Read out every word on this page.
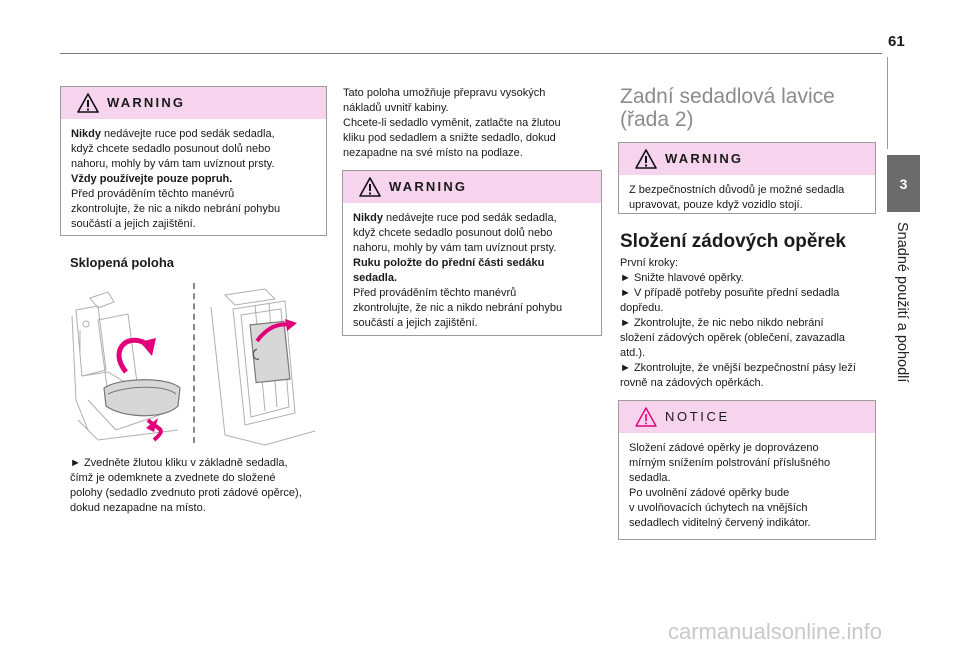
61
3
Snadné použití a pohodlí
WARNING

Nikdy nedávejte ruce pod sedák sedadla,

když chcete sedadlo posunout dolů nebo

nahoru, mohly by vám tam uvíznout prsty.

Vždy používejte pouze popruh.

Před prováděním těchto manévrů

zkontrolujte, že nic a nikdo nebrání pohybu

součástí a jejich zajištění.

Sklopená poloha

► Zvedněte žlutou kliku v základně sedadla,

čímž je odemknete a zvednete do složené

polohy (sedadlo zvednuto proti zádové opěrce),

dokud nezapadne na místo.

Tato poloha umožňuje přepravu vysokých

nákladů uvnitř kabiny.

Chcete-li sedadlo vyměnit, zatlačte na žlutou

kliku pod sedadlem a snižte sedadlo, dokud

nezapadne na své místo na podlaze.

WARNING

Nikdy nedávejte ruce pod sedák sedadla,

když chcete sedadlo posunout dolů nebo

nahoru, mohly by vám tam uvíznout prsty.

Ruku položte do přední části sedáku

sedadla.

Před prováděním těchto manévrů

zkontrolujte, že nic a nikdo nebrání pohybu

součástí a jejich zajištění.

Zadní sedadlová lavice
(řada 2)
WARNING

Z bezpečnostních důvodů je možné sedadla

upravovat, pouze když vozidlo stojí.

Složení zádových opěrek

První kroky:

► Snižte hlavové opěrky.

► V případě potřeby posuňte přední sedadla

dopředu.

► Zkontrolujte, že nic nebo nikdo nebrání

složení zádových opěrek (oblečení, zavazadla

atd.).

► Zkontrolujte, že vnější bezpečnostní pásy leží

rovně na zádových opěrkách.

NOTICE

Složení zádové opěrky je doprovázeno

mírným snížením polstrování příslušného

sedadla.

Po uvolnění zádové opěrky bude

v uvolňovacích úchytech na vnějších

sedadlech viditelný červený indikátor.

carmanualsonline.info
